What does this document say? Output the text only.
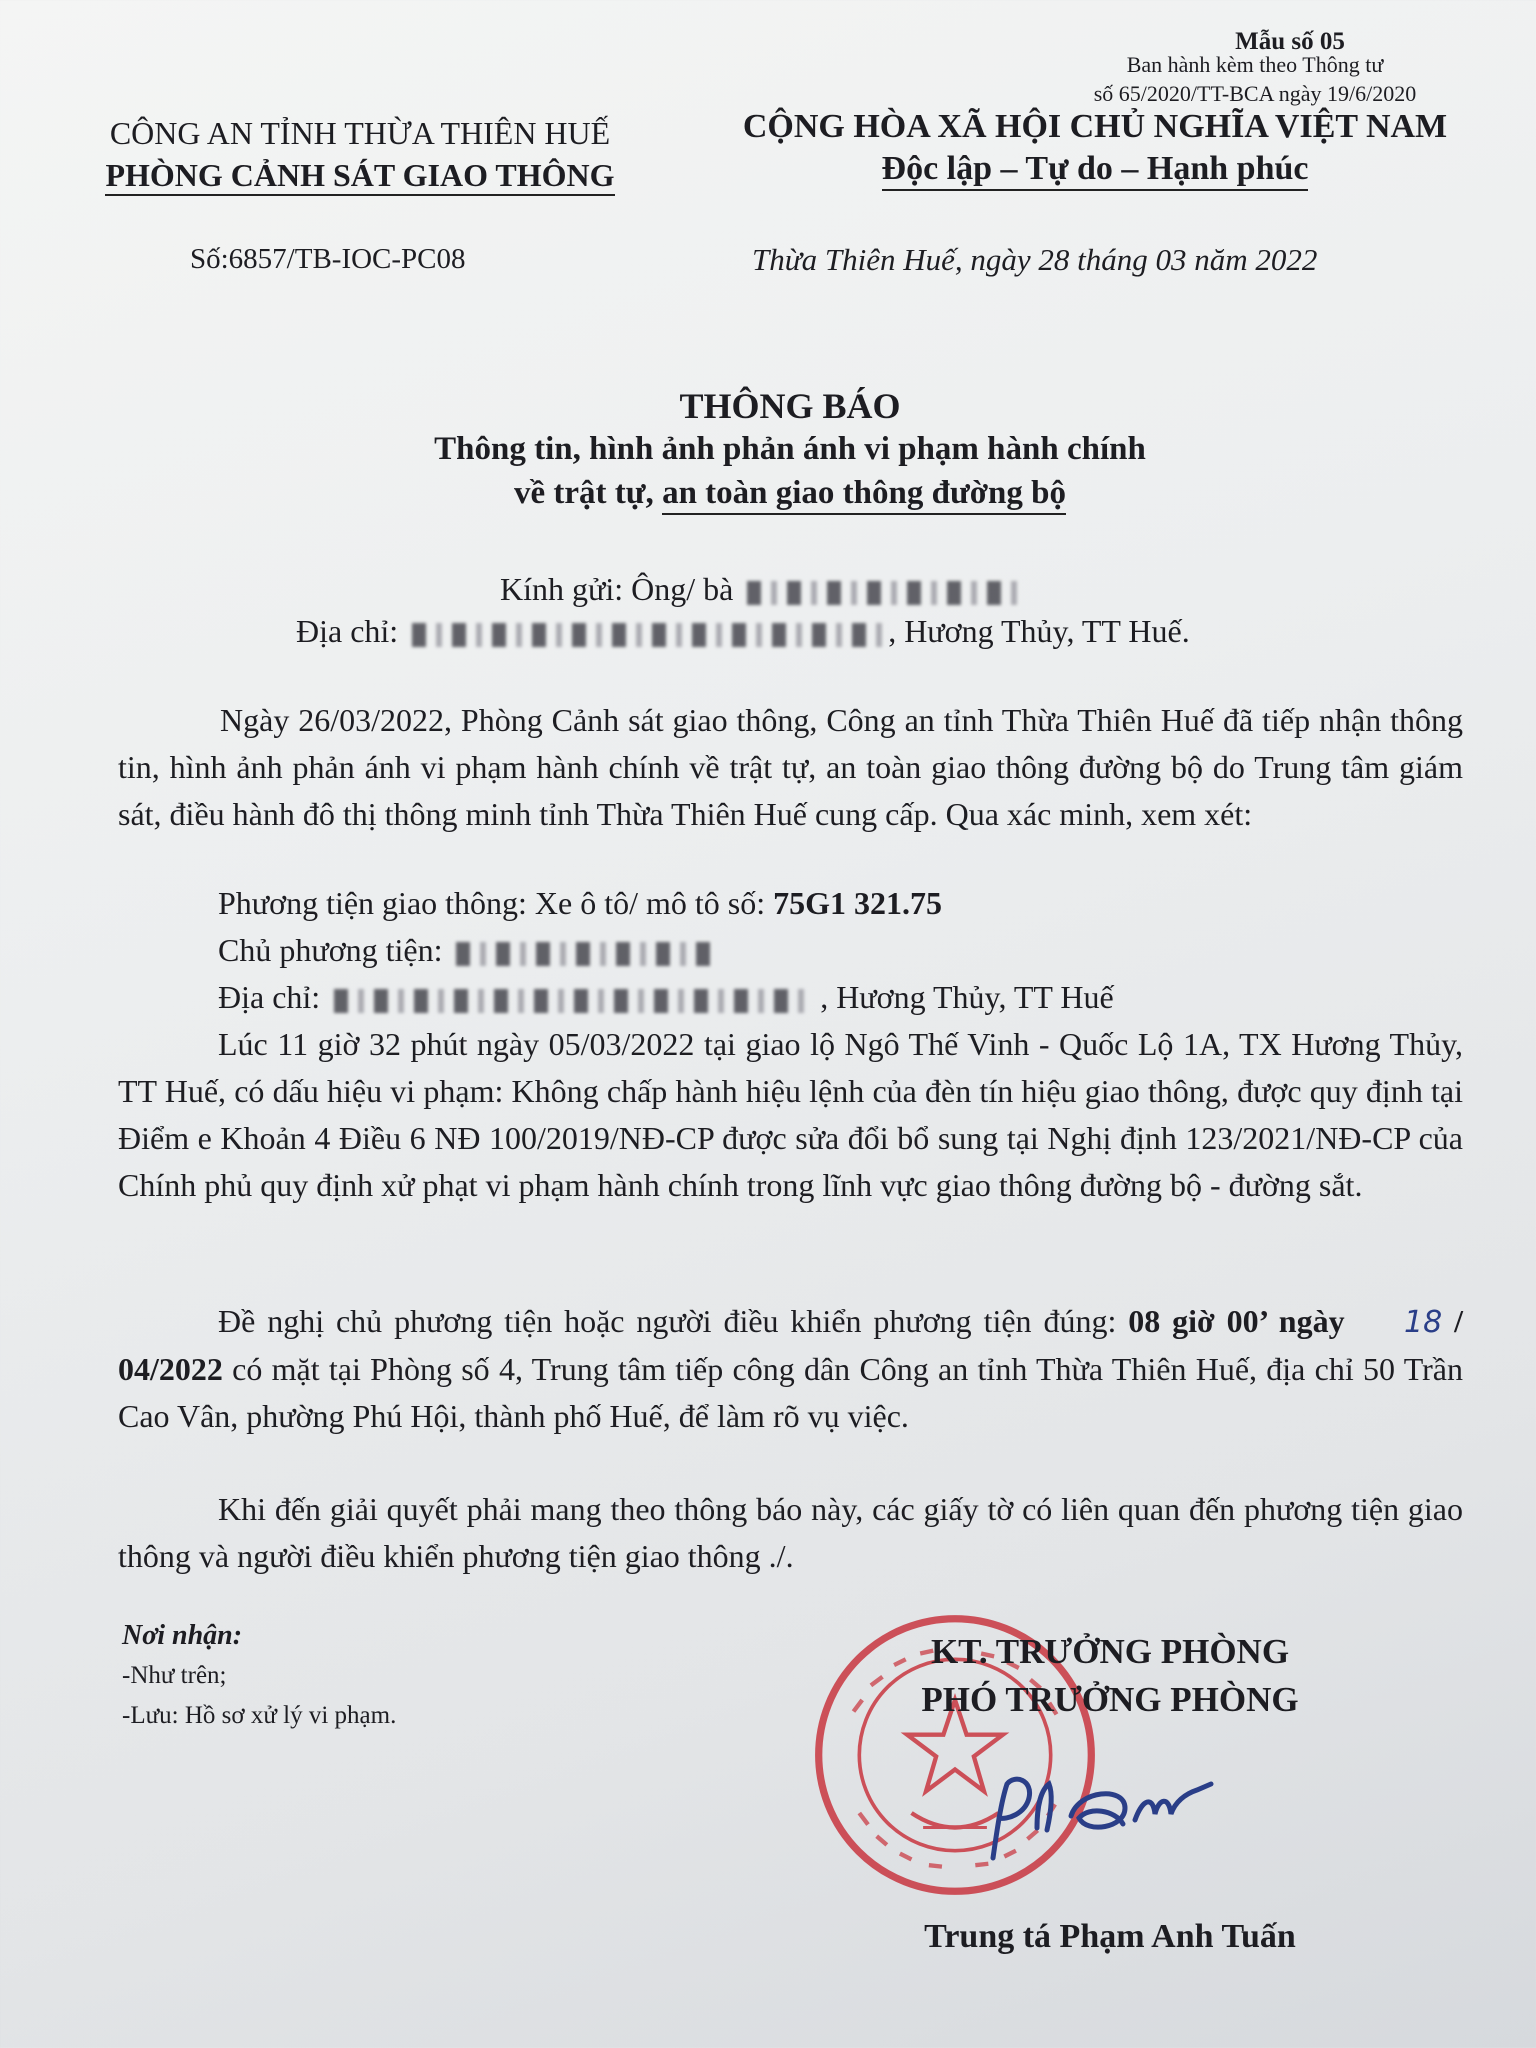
Mẫu số 05
Ban hành kèm theo Thông tư
số 65/2020/TT-BCA ngày 19/6/2020
CÔNG AN TỈNH THỪA THIÊN HUẾ
PHÒNG CẢNH SÁT GIAO THÔNG
Số:6857/TB-IOC-PC08
CỘNG HÒA XÃ HỘI CHỦ NGHĨA VIỆT NAM
Độc lập – Tự do – Hạnh phúc
Thừa Thiên Huế, ngày 28 tháng 03 năm 2022
THÔNG BÁO
Thông tin, hình ảnh phản ánh vi phạm hành chính
về trật tự, an toàn giao thông đường bộ
Kính gửi: Ông/ bà
Địa chỉ:	, Hương Thủy, TT Huế.
Ngày 26/03/2022, Phòng Cảnh sát giao thông, Công an tỉnh Thừa Thiên Huế đã tiếp nhận thông tin, hình ảnh phản ánh vi phạm hành chính về trật tự, an toàn giao thông đường bộ do Trung tâm giám sát, điều hành đô thị thông minh tỉnh Thừa Thiên Huế cung cấp. Qua xác minh, xem xét:
Phương tiện giao thông: Xe ô tô/ mô tô số: 75G1 321.75
Chủ phương tiện:
Địa chỉ:	, Hương Thủy, TT Huế
Lúc 11 giờ 32 phút ngày 05/03/2022 tại giao lộ Ngô Thế Vinh - Quốc Lộ 1A, TX Hương Thủy, TT Huế, có dấu hiệu vi phạm: Không chấp hành hiệu lệnh của đèn tín hiệu giao thông, được quy định tại Điểm e Khoản 4 Điều 6 NĐ 100/2019/NĐ-CP được sửa đổi bổ sung tại Nghị định 123/2021/NĐ-CP của Chính phủ quy định xử phạt vi phạm hành chính trong lĩnh vực giao thông đường bộ - đường sắt.
Đề nghị chủ phương tiện hoặc người điều khiển phương tiện đúng: 08 giờ 00’ ngày 18 / 04/2022 có mặt tại Phòng số 4, Trung tâm tiếp công dân Công an tỉnh Thừa Thiên Huế, địa chỉ 50 Trần Cao Vân, phường Phú Hội, thành phố Huế, để làm rõ vụ việc.
Khi đến giải quyết phải mang theo thông báo này, các giấy tờ có liên quan đến phương tiện giao thông và người điều khiển phương tiện giao thông ./.
Nơi nhận:
-Như trên;
-Lưu: Hồ sơ xử lý vi phạm.
KT. TRƯỞNG PHÒNG
PHÓ TRƯỞNG PHÒNG
Trung tá Phạm Anh Tuấn
